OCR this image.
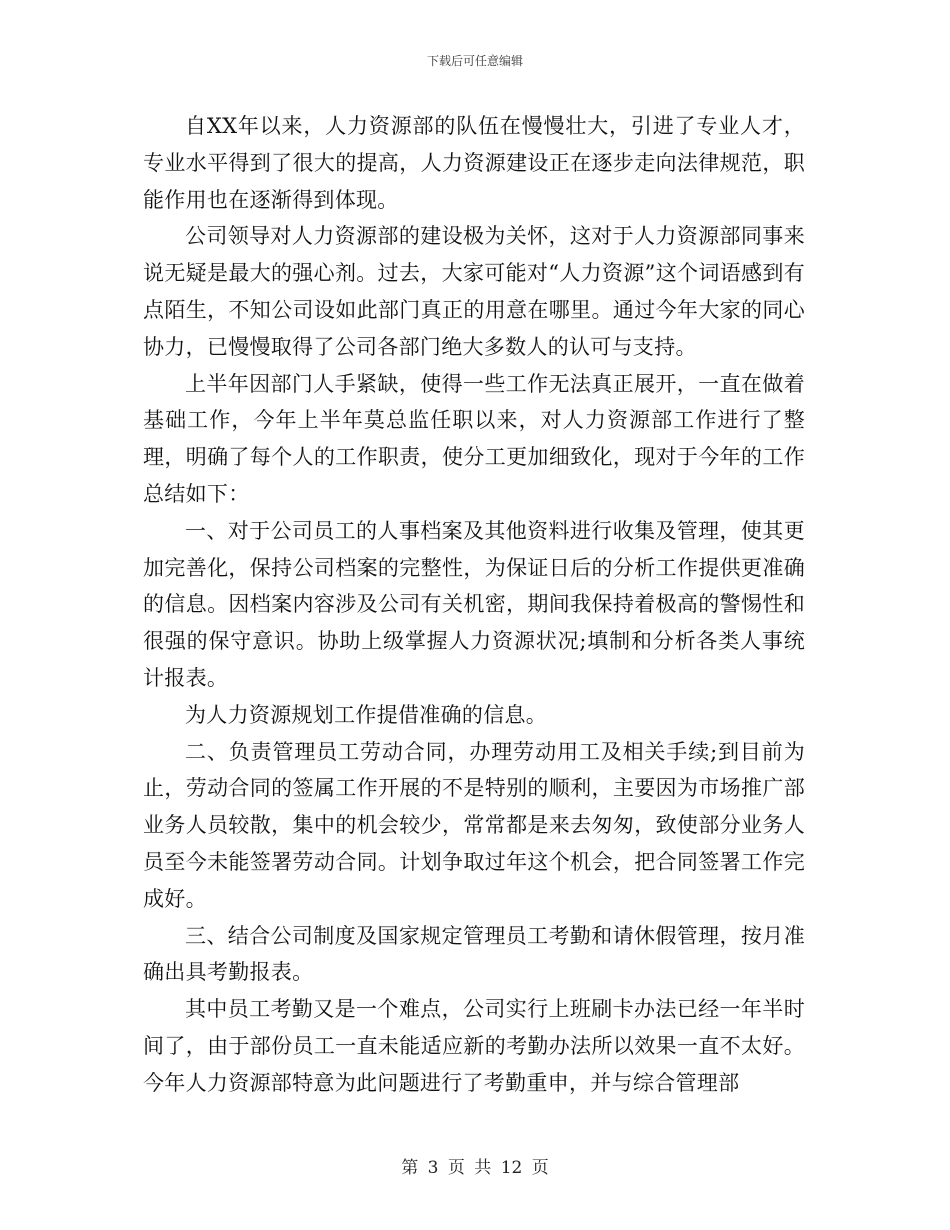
下载后可任意编辑

自XX年以来，人力资源部的队伍在慢慢壮大，引进了专业人才，专业水平得到了很大的提高，人力资源建设正在逐步走向法律规范，职能作用也在逐渐得到体现。

公司领导对人力资源部的建设极为关怀，这对于人力资源部同事来说无疑是最大的强心剂。过去，大家可能对“人力资源”这个词语感到有点陌生，不知公司设如此部门真正的用意在哪里。通过今年大家的同心协力，已慢慢取得了公司各部门绝大多数人的认可与支持。

上半年因部门人手紧缺，使得一些工作无法真正展开，一直在做着基础工作，今年上半年莫总监任职以来，对人力资源部工作进行了整理，明确了每个人的工作职责，使分工更加细致化，现对于今年的工作总结如下：

一、对于公司员工的人事档案及其他资料进行收集及管理，使其更加完善化，保持公司档案的完整性，为保证日后的分析工作提供更准确的信息。因档案内容涉及公司有关机密，期间我保持着极高的警惕性和很强的保守意识。协助上级掌握人力资源状况;填制和分析各类人事统计报表。

为人力资源规划工作提借准确的信息。

二、负责管理员工劳动合同，办理劳动用工及相关手续;到目前为止，劳动合同的签属工作开展的不是特别的顺利，主要因为市场推广部业务人员较散，集中的机会较少，常常都是来去匆匆，致使部分业务人员至今未能签署劳动合同。计划争取过年这个机会，把合同签署工作完成好。

三、结合公司制度及国家规定管理员工考勤和请休假管理，按月准确出具考勤报表。

其中员工考勤又是一个难点，公司实行上班刷卡办法已经一年半时间了，由于部份员工一直未能适应新的考勤办法所以效果一直不太好。今年人力资源部特意为此问题进行了考勤重申，并与综合管理部

第 3 页 共 12 页
